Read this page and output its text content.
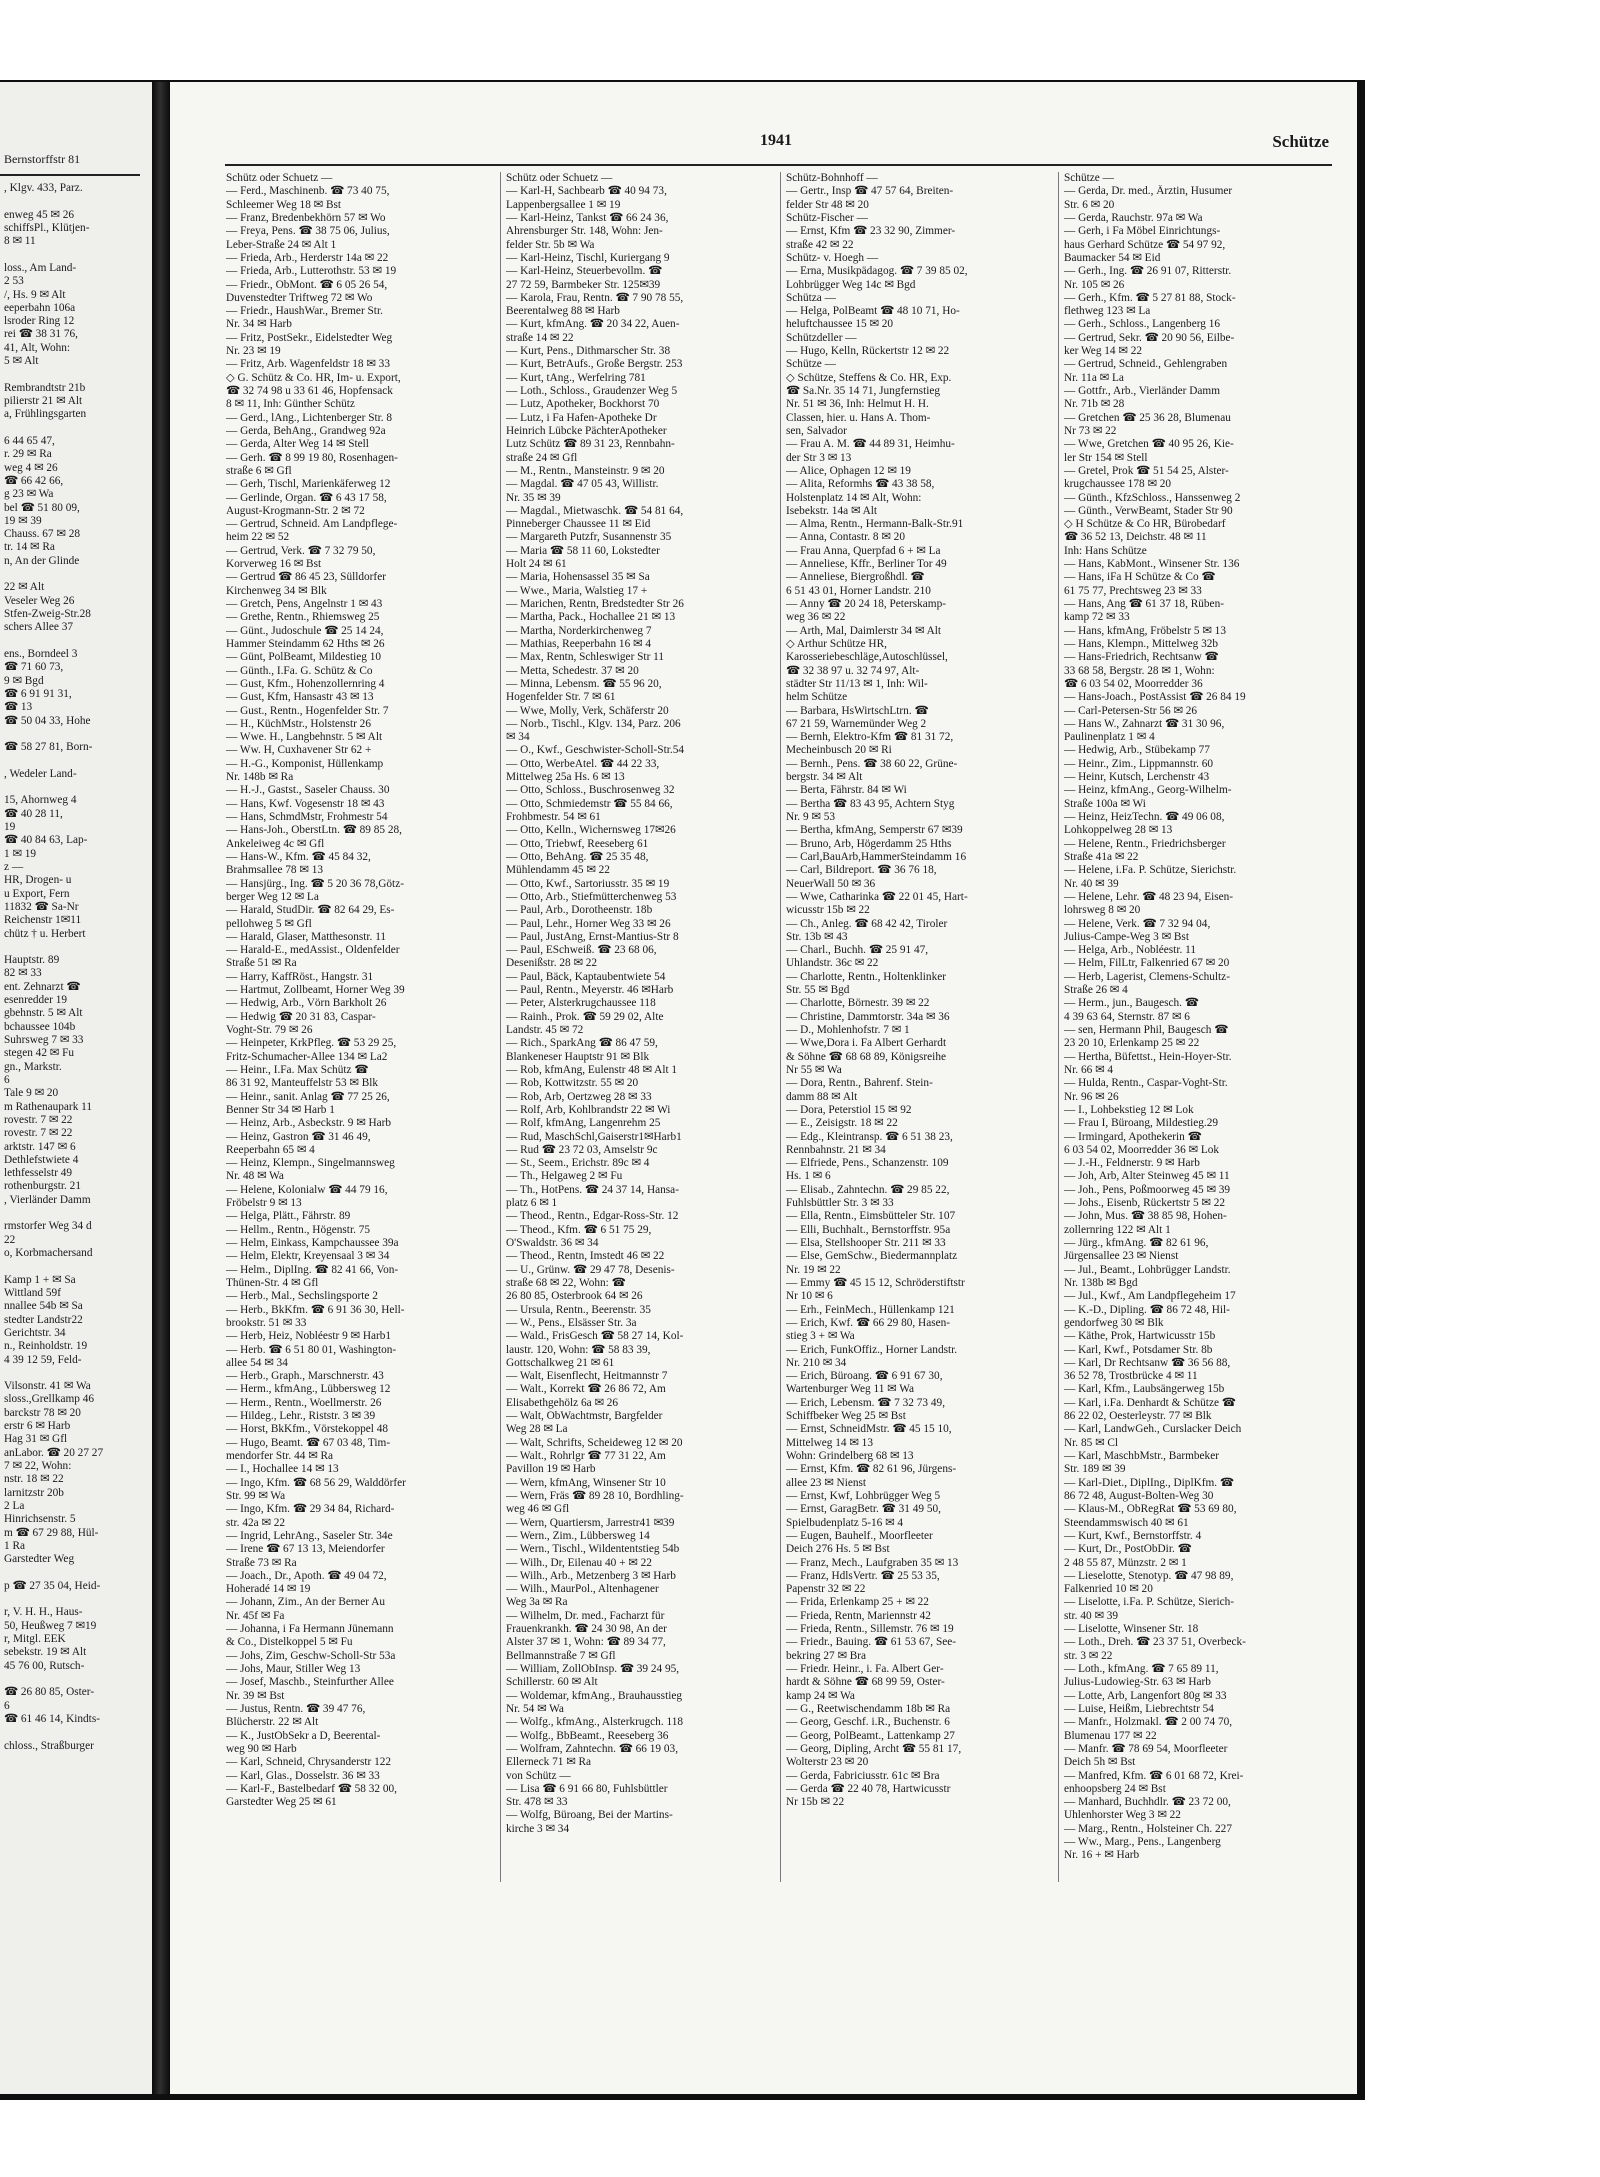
Bernstorffstr 81
, Klgv. 433, Parz.

enweg 45 ✉ 26
schiffsPl., Klütjen-
8 ✉ 11

loss., Am Land-
2 53
/, Hs. 9 ✉ Alt
eeperbahn 106a
lsroder Ring 12
rei ☎ 38 31 76,
41, Alt, Wohn:
5 ✉ Alt

Rembrandtstr 21b
pilierstr 21 ✉ Alt
a, Frühlingsgarten

6 44 65 47,
r. 29 ✉ Ra
weg 4 ✉ 26
☎ 66 42 66,
g 23 ✉ Wa
bel ☎ 51 80 09,
19 ✉ 39
Chauss. 67 ✉ 28
tr. 14 ✉ Ra
n, An der Glinde

22 ✉ Alt
Veseler Weg 26
Stfen-Zweig-Str.28
schers Allee 37

ens., Borndeel 3
☎ 71 60 73,
9 ✉ Bgd
☎ 6 91 91 31,
☎ 13
☎ 50 04 33, Hohe

☎ 58 27 81, Born-

, Wedeler Land-

15, Ahornweg 4
☎ 40 28 11,
19
☎ 40 84 63, Lap-
1 ✉ 19
z —
HR, Drogen- u
u Export, Fern
11832 ☎ Sa-Nr
Reichenstr 1✉11
chütz † u. Herbert

Hauptstr. 89
82 ✉ 33
ent. Zehnarzt ☎
esenredder 19
gbehnstr. 5 ✉ Alt
bchaussee 104b
Suhrsweg 7 ✉ 33
stegen 42 ✉ Fu
gn., Markstr.
6
Tale 9 ✉ 20
m Rathenaupark 11
rovestr. 7 ✉ 22
rovestr. 7 ✉ 22
arktstr. 147 ✉ 6
Dethlefstwiete 4
lethfesselstr 49
rothenburgstr. 21
, Vierländer Damm

rmstorfer Weg 34 d
22
o, Korbmachersand

Kamp 1 + ✉ Sa
Wittland 59f
nnallee 54b ✉ Sa
stedter Landstr22
Gerichtstr. 34
n., Reinholdstr. 19
4 39 12 59, Feld-

Vilsonstr. 41 ✉ Wa
sloss.,Grellkamp 46
barckstr 78 ✉ 20
erstr 6 ✉ Harb
Hag 31 ✉ Gfl
anLabor. ☎ 20 27 27
7 ✉ 22, Wohn:
nstr. 18 ✉ 22
larnitzstr 20b
2 La
Hinrichsenstr. 5
m ☎ 67 29 88, Hül-
1 Ra
Garstedter Weg

p ☎ 27 35 04, Heid-

r, V. H. H., Haus-
50, Heußweg 7 ✉19
r, Mitgl. EEK
sebekstr. 19 ✉ Alt
45 76 00, Rutsch-

☎ 26 80 85, Oster-
6
☎ 61 46 14, Kindts-

chloss., Straßburger
1941	Schütze
Schütz oder Schuetz —
— Ferd., Maschinenb. ☎ 73 40 75,
Schleemer Weg 18 ✉ Bst
— Franz, Bredenbekhörn 57 ✉ Wo
— Freya, Pens. ☎ 38 75 06, Julius,
Leber-Straße 24 ✉ Alt 1
— Frieda, Arb., Herderstr 14a ✉ 22
— Frieda, Arb., Lutterothstr. 53 ✉ 19
— Friedr., ObMont. ☎ 6 05 26 54,
Duvenstedter Triftweg 72 ✉ Wo
— Friedr., HaushWar., Bremer Str.
Nr. 34 ✉ Harb
— Fritz, PostSekr., Eidelstedter Weg
Nr. 23 ✉ 19
— Fritz, Arb. Wagenfeldstr 18 ✉ 33
◇ G. Schütz & Co. HR, Im- u. Export,
☎ 32 74 98 u 33 61 46, Hopfensack
8 ✉ 11, Inh: Günther Schütz
— Gerd., lAng., Lichtenberger Str. 8
— Gerda, BehAng., Grandweg 92a
— Gerda, Alter Weg 14 ✉ Stell
— Gerh. ☎ 8 99 19 80, Rosenhagen-
straße 6 ✉ Gfl
— Gerh, Tischl, Marienkäferweg 12
— Gerlinde, Organ. ☎ 6 43 17 58,
August-Krogmann-Str. 2 ✉ 72
— Gertrud, Schneid. Am Landpflege-
heim 22 ✉ 52
— Gertrud, Verk. ☎ 7 32 79 50,
Korverweg 16 ✉ Bst
— Gertrud ☎ 86 45 23, Sülldorfer
Kirchenweg 34 ✉ Blk
— Gretch, Pens, Angelnstr 1 ✉ 43
— Grethe, Rentn., Rhiemsweg 25
— Günt., Judoschule ☎ 25 14 24,
Hammer Steindamm 62 Hths ✉ 26
— Günt, PolBeamt, Mildestieg 10
— Günth., I.Fa. G. Schütz & Co
— Gust, Kfm., Hohenzollernring 4
— Gust, Kfm, Hansastr 43 ✉ 13
— Gust., Rentn., Hogenfelder Str. 7
— H., KüchMstr., Holstenstr 26
— Wwe. H., Langbehnstr. 5 ✉ Alt
— Ww. H, Cuxhavener Str 62 +
— H.-G., Komponist, Hüllenkamp
Nr. 148b ✉ Ra
— H.-J., Gastst., Saseler Chauss. 30
— Hans, Kwf. Vogesenstr 18 ✉ 43
— Hans, SchmdMstr, Frohmestr 54
— Hans-Joh., OberstLtn. ☎ 89 85 28,
Ankeleiweg 4c ✉ Gfl
— Hans-W., Kfm. ☎ 45 84 32,
Brahmsallee 78 ✉ 13
— Hansjürg., Ing. ☎ 5 20 36 78,Götz-
berger Weg 12 ✉ La
— Harald, StudDir. ☎ 82 64 29, Es-
pellohweg 5 ✉ Gfl
— Harald, Glaser, Matthesonstr. 11
— Harald-E., medAssist., Oldenfelder
Straße 51 ✉ Ra
— Harry, KaffRöst., Hangstr. 31
— Hartmut, Zollbeamt, Horner Weg 39
— Hedwig, Arb., Vörn Barkholt 26
— Hedwig ☎ 20 31 83, Caspar-
Voght-Str. 79 ✉ 26
— Heinpeter, KrkPfleg. ☎ 53 29 25,
Fritz-Schumacher-Allee 134 ✉ La2
— Heinr., I.Fa. Max Schütz ☎
86 31 92, Manteuffelstr 53 ✉ Blk
— Heinr., sanit. Anlag ☎ 77 25 26,
Benner Str 34 ✉ Harb 1
— Heinz, Arb., Asbeckstr. 9 ✉ Harb
— Heinz, Gastron ☎ 31 46 49,
Reeperbahn 65 ✉ 4
— Heinz, Klempn., Singelmannsweg
Nr. 48 ✉ Wa
— Helene, Kolonialw ☎ 44 79 16,
Fröbelstr 9 ✉ 13
— Helga, Plätt., Fährstr. 89
— Hellm., Rentn., Högenstr. 75
— Helm, Einkass, Kampchaussee 39a
— Helm, Elektr, Kreyensaal 3 ✉ 34
— Helm., DiplIng. ☎ 82 41 66, Von-
Thünen-Str. 4 ✉ Gfl
— Herb., Mal., Sechslingsporte 2
— Herb., BkKfm. ☎ 6 91 36 30, Hell-
brookstr. 51 ✉ 33
— Herb, Heiz, Nobléestr 9 ✉ Harb1
— Herb. ☎ 6 51 80 01, Washington-
allee 54 ✉ 34
— Herb., Graph., Marschnerstr. 43
— Herm., kfmAng., Lübbersweg 12
— Herm., Rentn., Woellmerstr. 26
— Hildeg., Lehr., Riststr. 3 ✉ 39
— Horst, BkKfm., Vörstekoppel 48
— Hugo, Beamt. ☎ 67 03 48, Tim-
mendorfer Str. 44 ✉ Ra
— I., Hochallee 14 ✉ 13
— Ingo, Kfm. ☎ 68 56 29, Walddörfer
Str. 99 ✉ Wa
— Ingo, Kfm. ☎ 29 34 84, Richard-
str. 42a ✉ 22
— Ingrid, LehrAng., Saseler Str. 34e
— Irene ☎ 67 13 13, Meiendorfer
Straße 73 ✉ Ra
— Joach., Dr., Apoth. ☎ 49 04 72,
Hoheradé 14 ✉ 19
— Johann, Zim., An der Berner Au
Nr. 45f ✉ Fa
— Johanna, i Fa Hermann Jünemann
& Co., Distelkoppel 5 ✉ Fu
— Johs, Zim, Geschw-Scholl-Str 53a
— Johs, Maur, Stiller Weg 13
— Josef, Maschb., Steinfurther Allee
Nr. 39 ✉ Bst
— Justus, Rentn. ☎ 39 47 76,
Blücherstr. 22 ✉ Alt
— K., JustObSekr a D, Beerental-
weg 90 ✉ Harb
— Karl, Schneid, Chrysanderstr 122
— Karl, Glas., Dosselstr. 36 ✉ 33
— Karl-F., Bastelbedarf ☎ 58 32 00,
Garstedter Weg 25 ✉ 61
Schütz oder Schuetz —
— Karl-H, Sachbearb ☎ 40 94 73,
Lappenbergsallee 1 ✉ 19
— Karl-Heinz, Tankst ☎ 66 24 36,
Ahrensburger Str. 148, Wohn: Jen-
felder Str. 5b ✉ Wa
— Karl-Heinz, Tischl, Kuriergang 9
— Karl-Heinz, Steuerbevollm. ☎
27 72 59, Barmbeker Str. 125✉39
— Karola, Frau, Rentn. ☎ 7 90 78 55,
Beerentalweg 88 ✉ Harb
— Kurt, kfmAng. ☎ 20 34 22, Auen-
straße 14 ✉ 22
— Kurt, Pens., Dithmarscher Str. 38
— Kurt, BetrAufs., Große Bergstr. 253
— Kurt, tAng., Werfelring 781
— Loth., Schloss., Graudenzer Weg 5
— Lutz, Apotheker, Bockhorst 70
— Lutz, i Fa Hafen-Apotheke Dr
Heinrich Lübcke PächterApotheker
Lutz Schütz ☎ 89 31 23, Rennbahn-
straße 24 ✉ Gfl
— M., Rentn., Mansteinstr. 9 ✉ 20
— Magdal. ☎ 47 05 43, Willistr.
Nr. 35 ✉ 39
— Magdal., Mietwaschk. ☎ 54 81 64,
Pinneberger Chaussee 11 ✉ Eid
— Margareth Putzfr, Susannenstr 35
— Maria ☎ 58 11 60, Lokstedter
Holt 24 ✉ 61
— Maria, Hohensassel 35 ✉ Sa
— Wwe., Maria, Walstieg 17 +
— Marichen, Rentn, Bredstedter Str 26
— Martha, Pack., Hochallee 21 ✉ 13
— Martha, Norderkirchenweg 7
— Mathias, Reeperbahn 16 ✉ 4
— Max, Rentn, Schleswiger Str 11
— Metta, Schedestr. 37 ✉ 20
— Minna, Lebensm. ☎ 55 96 20,
Hogenfelder Str. 7 ✉ 61
— Wwe, Molly, Verk, Schäferstr 20
— Norb., Tischl., Klgv. 134, Parz. 206
✉ 34
— O., Kwf., Geschwister-Scholl-Str.54
— Otto, WerbeAtel. ☎ 44 22 33,
Mittelweg 25a Hs. 6 ✉ 13
— Otto, Schloss., Buschrosenweg 32
— Otto, Schmiedemstr ☎ 55 84 66,
Frohbmestr. 54 ✉ 61
— Otto, Kelln., Wichernsweg 17✉26
— Otto, Triebwf, Reeseberg 61
— Otto, BehAng. ☎ 25 35 48,
Mühlendamm 45 ✉ 22
— Otto, Kwf., Sartoriusstr. 35 ✉ 19
— Otto, Arb., Stiefmütterchenweg 53
— Paul, Arb., Dorotheenstr. 18b
— Paul, Lehr., Horner Weg 33 ✉ 26
— Paul, JustAng, Ernst-Mantius-Str 8
— Paul, ESchweiß. ☎ 23 68 06,
Desenißstr. 28 ✉ 22
— Paul, Bäck, Kaptaubentwiete 54
— Paul, Rentn., Meyerstr. 46 ✉Harb
— Peter, Alsterkrugchaussee 118
— Rainh., Prok. ☎ 59 29 02, Alte
Landstr. 45 ✉ 72
— Rich., SparkAng ☎ 86 47 59,
Blankeneser Hauptstr 91 ✉ Blk
— Rob, kfmAng, Eulenstr 48 ✉ Alt 1
— Rob, Kottwitzstr. 55 ✉ 20
— Rob, Arb, Oertzweg 28 ✉ 33
— Rolf, Arb, Kohlbrandstr 22 ✉ Wi
— Rolf, kfmAng, Langenrehm 25
— Rud, MaschSchl,Gaiserstr1✉Harb1
— Rud ☎ 23 72 03, Amselstr 9c
— St., Seem., Erichstr. 89c ✉ 4
— Th., Helgaweg 2 ✉ Fu
— Th., HotPens. ☎ 24 37 14, Hansa-
platz 6 ✉ 1
— Theod., Rentn., Edgar-Ross-Str. 12
— Theod., Kfm. ☎ 6 51 75 29,
O'Swaldstr. 36 ✉ 34
— Theod., Rentn, Imstedt 46 ✉ 22
— U., Grünw. ☎ 29 47 78, Desenis-
straße 68 ✉ 22, Wohn: ☎
26 80 85, Osterbrook 64 ✉ 26
— Ursula, Rentn., Beerenstr. 35
— W., Pens., Elsässer Str. 3a
— Wald., FrisGesch ☎ 58 27 14, Kol-
laustr. 120, Wohn: ☎ 58 83 39,
Gottschalkweg 21 ✉ 61
— Walt, Eisenflecht, Heitmannstr 7
— Walt., Korrekt ☎ 26 86 72, Am
Elisabethgehölz 6a ✉ 26
— Walt, ObWachtmstr, Bargfelder
Weg 28 ✉ La
— Walt, Schrifts, Scheideweg 12 ✉ 20
— Walt., Rohrlgr ☎ 77 31 22, Am
Pavillon 19 ✉ Harb
— Wern, kfmAng, Winsener Str 10
— Wern, Fräs ☎ 89 28 10, Bordhling-
weg 46 ✉ Gfl
— Wern, Quartiersm, Jarrestr41 ✉39
— Wern., Zim., Lübbersweg 14
— Wern., Tischl., Wildententstieg 54b
— Wilh., Dr, Eilenau 40 + ✉ 22
— Wilh., Arb., Metzenberg 3 ✉ Harb
— Wilh., MaurPol., Altenhagener
Weg 3a ✉ Ra
— Wilhelm, Dr. med., Facharzt für
Frauenkrankh. ☎ 24 30 98, An der
Alster 37 ✉ 1, Wohn: ☎ 89 34 77,
Bellmannstraße 7 ✉ Gfl
— William, ZollObInsp. ☎ 39 24 95,
Schillerstr. 60 ✉ Alt
— Woldemar, kfmAng., Brauhausstieg
Nr. 54 ✉ Wa
— Wolfg., kfmAng., Alsterkrugch. 118
— Wolfg., BbBeamt., Reeseberg 36
— Wolfram, Zahntechn. ☎ 66 19 03,
Ellerneck 71 ✉ Ra
von Schütz —
— Lisa ☎ 6 91 66 80, Fuhlsbüttler
Str. 478 ✉ 33
— Wolfg, Büroang, Bei der Martins-
kirche 3 ✉ 34
Schütz-Bohnhoff —
— Gertr., Insp ☎ 47 57 64, Breiten-
felder Str 48 ✉ 20
Schütz-Fischer —
— Ernst, Kfm ☎ 23 32 90, Zimmer-
straße 42 ✉ 22
Schütz- v. Hoegh —
— Erna, Musikpädagog. ☎ 7 39 85 02,
Lohbrügger Weg 14c ✉ Bgd
Schütza —
— Helga, PolBeamt ☎ 48 10 71, Ho-
heluftchaussee 15 ✉ 20
Schützdeller —
— Hugo, Kelln, Rückertstr 12 ✉ 22
Schütze —
◇ Schütze, Steffens & Co. HR, Exp.
☎ Sa.Nr. 35 14 71, Jungfernstieg
Nr. 51 ✉ 36, Inh: Helmut H. H.
Classen, hier. u. Hans A. Thom-
sen, Salvador
— Frau A. M. ☎ 44 89 31, Heimhu-
der Str 3 ✉ 13
— Alice, Ophagen 12 ✉ 19
— Alita, Reformhs ☎ 43 38 58,
Holstenplatz 14 ✉ Alt, Wohn:
Isebekstr. 14a ✉ Alt
— Alma, Rentn., Hermann-Balk-Str.91
— Anna, Contastr. 8 ✉ 20
— Frau Anna, Querpfad 6 + ✉ La
— Anneliese, Kffr., Berliner Tor 49
— Anneliese, Biergroßhdl. ☎
6 51 43 01, Horner Landstr. 210
— Anny ☎ 20 24 18, Peterskamp-
weg 36 ✉ 22
— Arth, Mal, Daimlerstr 34 ✉ Alt
◇ Arthur Schütze HR,
Karosseriebeschläge,Autoschlüssel,
☎ 32 38 97 u. 32 74 97, Alt-
städter Str 11/13 ✉ 1, Inh: Wil-
helm Schütze
— Barbara, HsWirtschLtrn. ☎
67 21 59, Warnemünder Weg 2
— Bernh, Elektro-Kfm ☎ 81 31 72,
Mecheinbusch 20 ✉ Ri
— Bernh., Pens. ☎ 38 60 22, Grüne-
bergstr. 34 ✉ Alt
— Berta, Fährstr. 84 ✉ Wi
— Bertha ☎ 83 43 95, Achtern Styg
Nr. 9 ✉ 53
— Bertha, kfmAng, Semperstr 67 ✉39
— Bruno, Arb, Högerdamm 25 Hths
— Carl,BauArb,HammerSteindamm 16
— Carl, Bildreport. ☎ 36 76 18,
NeuerWall 50 ✉ 36
— Wwe, Catharinka ☎ 22 01 45, Hart-
wicusstr 15b ✉ 22
— Ch., Anleg. ☎ 68 42 42, Tiroler
Str. 13b ✉ 43
— Charl., Buchh. ☎ 25 91 47,
Uhlandstr. 36c ✉ 22
— Charlotte, Rentn., Holtenklinker
Str. 55 ✉ Bgd
— Charlotte, Börnestr. 39 ✉ 22
— Christine, Dammtorstr. 34a ✉ 36
— D., Mohlenhofstr. 7 ✉ 1
— Wwe,Dora i. Fa Albert Gerhardt
& Söhne ☎ 68 68 89, Königsreihe
Nr 55 ✉ Wa
— Dora, Rentn., Bahrenf. Stein-
damm 88 ✉ Alt
— Dora, Peterstiol 15 ✉ 92
— E., Zeisigstr. 18 ✉ 22
— Edg., Kleintransp. ☎ 6 51 38 23,
Rennbahnstr. 21 ✉ 34
— Elfriede, Pens., Schanzenstr. 109
Hs. 1 ✉ 6
— Elisab., Zahntechn. ☎ 29 85 22,
Fuhlsbüttler Str. 3 ✉ 33
— Ella, Rentn., Eimsbütteler Str. 107
— Elli, Buchhalt., Bernstorffstr. 95a
— Elsa, Stellshooper Str. 211 ✉ 33
— Else, GemSchw., Biedermannplatz
Nr. 19 ✉ 22
— Emmy ☎ 45 15 12, Schröderstiftstr
Nr 10 ✉ 6
— Erh., FeinMech., Hüllenkamp 121
— Erich, Kwf. ☎ 66 29 80, Hasen-
stieg 3 + ✉ Wa
— Erich, FunkOffiz., Horner Landstr.
Nr. 210 ✉ 34
— Erich, Büroang. ☎ 6 91 67 30,
Wartenburger Weg 11 ✉ Wa
— Erich, Lebensm. ☎ 7 32 73 49,
Schiffbeker Weg 25 ✉ Bst
— Ernst, SchneidMstr. ☎ 45 15 10,
Mittelweg 14 ✉ 13
Wohn: Grindelberg 68 ✉ 13
— Ernst, Kfm. ☎ 82 61 96, Jürgens-
allee 23 ✉ Nienst
— Ernst, Kwf, Lohbrügger Weg 5
— Ernst, GaragBetr. ☎ 31 49 50,
Spielbudenplatz 5-16 ✉ 4
— Eugen, Bauhelf., Moorfleeter
Deich 276 Hs. 5 ✉ Bst
— Franz, Mech., Laufgraben 35 ✉ 13
— Franz, HdlsVertr. ☎ 25 53 35,
Papenstr 32 ✉ 22
— Frida, Erlenkamp 25 + ✉ 22
— Frieda, Rentn, Mariennstr 42
— Frieda, Rentn., Sillemstr. 76 ✉ 19
— Friedr., Bauing. ☎ 61 53 67, See-
bekring 27 ✉ Bra
— Friedr. Heinr., i. Fa. Albert Ger-
hardt & Söhne ☎ 68 99 59, Oster-
kamp 24 ✉ Wa
— G., Reetwischendamm 18b ✉ Ra
— Georg, Geschf. i.R., Buchenstr. 6
— Georg, PolBeamt., Lattenkamp 27
— Georg, Dipling, Archt ☎ 55 81 17,
Wolterstr 23 ✉ 20
— Gerda, Fabriciusstr. 61c ✉ Bra
— Gerda ☎ 22 40 78, Hartwicusstr
Nr 15b ✉ 22
Schütze —
— Gerda, Dr. med., Ärztin, Husumer
Str. 6 ✉ 20
— Gerda, Rauchstr. 97a ✉ Wa
— Gerh, i Fa Möbel Einrichtungs-
haus Gerhard Schütze ☎ 54 97 92,
Baumacker 54 ✉ Eid
— Gerh., Ing. ☎ 26 91 07, Ritterstr.
Nr. 105 ✉ 26
— Gerh., Kfm. ☎ 5 27 81 88, Stock-
flethweg 123 ✉ La
— Gerh., Schloss., Langenberg 16
— Gertrud, Sekr. ☎ 20 90 56, Eilbe-
ker Weg 14 ✉ 22
— Gertrud, Schneid., Gehlengraben
Nr. 11a ✉ La
— Gottfr., Arb., Vierländer Damm
Nr. 71b ✉ 28
— Gretchen ☎ 25 36 28, Blumenau
Nr 73 ✉ 22
— Wwe, Gretchen ☎ 40 95 26, Kie-
ler Str 154 ✉ Stell
— Gretel, Prok ☎ 51 54 25, Alster-
krugchaussee 178 ✉ 20
— Günth., KfzSchloss., Hanssenweg 2
— Günth., VerwBeamt, Stader Str 90
◇ H Schütze & Co HR, Bürobedarf
☎ 36 52 13, Deichstr. 48 ✉ 11
Inh: Hans Schütze
— Hans, KabMont., Winsener Str. 136
— Hans, iFa H Schütze & Co ☎
61 75 77, Prechtsweg 23 ✉ 33
— Hans, Ang ☎ 61 37 18, Rüben-
kamp 72 ✉ 33
— Hans, kfmAng, Fröbelstr 5 ✉ 13
— Hans, Klempn., Mittelweg 32b
— Hans-Friedrich, Rechtsanw ☎
33 68 58, Bergstr. 28 ✉ 1, Wohn:
☎ 6 03 54 02, Moorredder 36
— Hans-Joach., PostAssist ☎ 26 84 19
— Carl-Petersen-Str 56 ✉ 26
— Hans W., Zahnarzt ☎ 31 30 96,
Paulinenplatz 1 ✉ 4
— Hedwig, Arb., Stübekamp 77
— Heinr., Zim., Lippmannstr. 60
— Heinr, Kutsch, Lerchenstr 43
— Heinz, kfmAng., Georg-Wilhelm-
Straße 100a ✉ Wi
— Heinz, HeizTechn. ☎ 49 06 08,
Lohkoppelweg 28 ✉ 13
— Helene, Rentn., Friedrichsberger
Straße 41a ✉ 22
— Helene, i.Fa. P. Schütze, Sierichstr.
Nr. 40 ✉ 39
— Helene, Lehr. ☎ 48 23 94, Eisen-
lohrsweg 8 ✉ 20
— Helene, Verk. ☎ 7 32 94 04,
Julius-Campe-Weg 3 ✉ Bst
— Helga, Arb., Nobléestr. 11
— Helm, FilLtr, Falkenried 67 ✉ 20
— Herb, Lagerist, Clemens-Schultz-
Straße 26 ✉ 4
— Herm., jun., Baugesch. ☎
4 39 63 64, Sternstr. 87 ✉ 6
— sen, Hermann Phil, Baugesch ☎
23 20 10, Erlenkamp 25 ✉ 22
— Hertha, Büfettst., Hein-Hoyer-Str.
Nr. 66 ✉ 4
— Hulda, Rentn., Caspar-Voght-Str.
Nr. 96 ✉ 26
— I., Lohbekstieg 12 ✉ Lok
— Frau I, Büroang, Mildestieg.29
— Irmingard, Apothekerin ☎
6 03 54 02, Moorredder 36 ✉ Lok
— J.-H., Feldnerstr. 9 ✉ Harb
— Joh, Arb, Alter Steinweg 45 ✉ 11
— Joh., Pens, Poßmoorweg 45 ✉ 39
— Johs., Eisenb, Rückertstr 5 ✉ 22
— John, Mus. ☎ 38 85 98, Hohen-
zollernring 122 ✉ Alt 1
— Jürg., kfmAng. ☎ 82 61 96,
Jürgensallee 23 ✉ Nienst
— Jul., Beamt., Lohbrügger Landstr.
Nr. 138b ✉ Bgd
— Jul., Kwf., Am Landpflegeheim 17
— K.-D., Dipling. ☎ 86 72 48, Hil-
gendorfweg 30 ✉ Blk
— Käthe, Prok, Hartwicusstr 15b
— Karl, Kwf., Potsdamer Str. 8b
— Karl, Dr Rechtsanw ☎ 36 56 88,
36 52 78, Trostbrücke 4 ✉ 11
— Karl, Kfm., Laubsängerweg 15b
— Karl, i.Fa. Denhardt & Schütze ☎
86 22 02, Oesterleystr. 77 ✉ Blk
— Karl, LandwGeh., Curslacker Deich
Nr. 85 ✉ Cl
— Karl, MaschbMstr., Barmbeker
Str. 189 ✉ 39
— Karl-Diet., DiplIng., DiplKfm. ☎
86 72 48, August-Bolten-Weg 30
— Klaus-M., ObRegRat ☎ 53 69 80,
Steendammswisch 40 ✉ 61
— Kurt, Kwf., Bernstorffstr. 4
— Kurt, Dr., PostObDir. ☎
2 48 55 87, Münzstr. 2 ✉ 1
— Lieselotte, Stenotyp. ☎ 47 98 89,
Falkenried 10 ✉ 20
— Liselotte, i.Fa. P. Schütze, Sierich-
str. 40 ✉ 39
— Liselotte, Winsener Str. 18
— Loth., Dreh. ☎ 23 37 51, Overbeck-
str. 3 ✉ 22
— Loth., kfmAng. ☎ 7 65 89 11,
Julius-Ludowieg-Str. 63 ✉ Harb
— Lotte, Arb, Langenfort 80g ✉ 33
— Luise, Heißm, Liebrechtstr 54
— Manfr., Holzmakl. ☎ 2 00 74 70,
Blumenau 177 ✉ 22
— Manfr. ☎ 78 69 54, Moorfleeter
Deich 5h ✉ Bst
— Manfred, Kfm. ☎ 6 01 68 72, Krei-
enhoopsberg 24 ✉ Bst
— Manhard, Buchhdlr. ☎ 23 72 00,
Uhlenhorster Weg 3 ✉ 22
— Marg., Rentn., Holsteiner Ch. 227
— Ww., Marg., Pens., Langenberg
Nr. 16 + ✉ Harb
